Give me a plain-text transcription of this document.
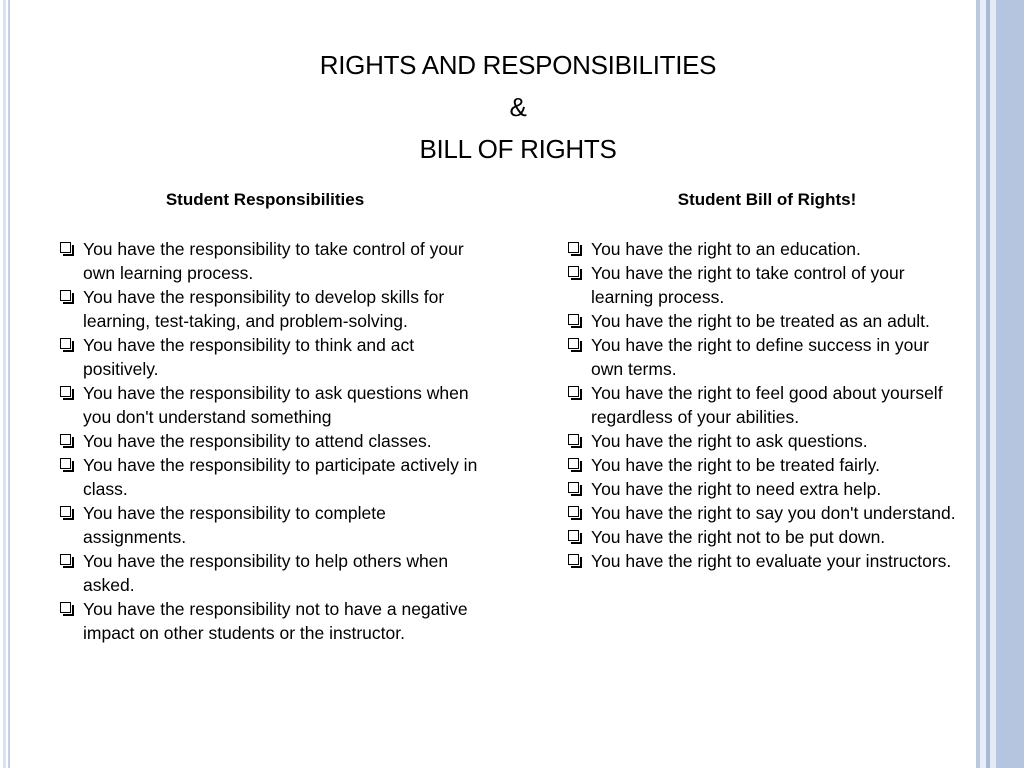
RIGHTS AND RESPONSIBILITIES
&
BILL OF RIGHTS
Student Responsibilities	Student Bill of Rights!
You have the responsibility to take control of your own learning process.
You have the responsibility to develop skills for learning, test-taking, and problem-solving.
You have the responsibility to think and act positively.
You have the responsibility to ask questions when you don't understand something
You have the responsibility to attend classes.
You have the responsibility to participate actively in class.
You have the responsibility to complete assignments.
You have the responsibility to help others when asked.
You have the responsibility not to have a negative impact on other students or the instructor.
You have the right to an education.
You have the right to take control of your learning process.
You have the right to be treated as an adult.
You have the right to define success in your own terms.
You have the right to feel good about yourself regardless of your abilities.
You have the right to ask questions.
You have the right to be treated fairly.
You have the right to need extra help.
You have the right to say you don't understand.
You have the right not to be put down.
You have the right to evaluate your instructors.
